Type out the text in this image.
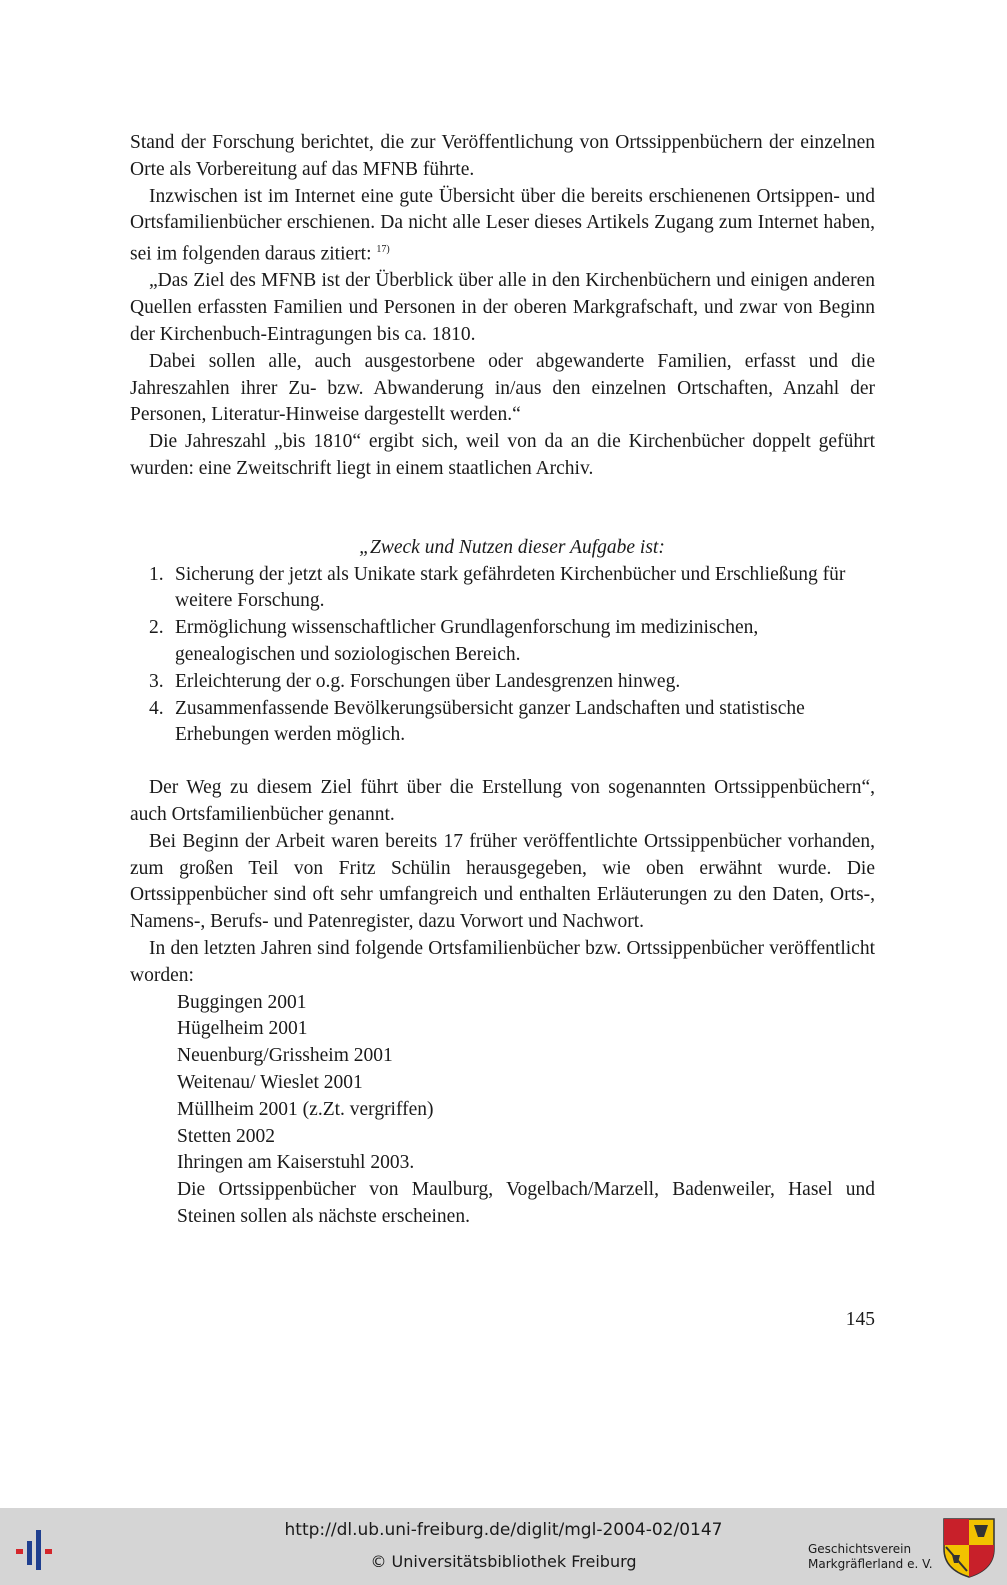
Stand der Forschung berichtet, die zur Veröffentlichung von Ortssippenbüchern der einzelnen Orte als Vorbereitung auf das MFNB führte.

Inzwischen ist im Internet eine gute Übersicht über die bereits erschienenen Ortsippen- und Ortsfamilienbücher erschienen. Da nicht alle Leser dieses Artikels Zugang zum Internet haben, sei im folgenden daraus zitiert: $^{17)}$

„Das Ziel des MFNB ist der Überblick über alle in den Kirchenbüchern und einigen anderen Quellen erfassten Familien und Personen in der oberen Markgrafschaft, und zwar von Beginn der Kirchenbuch-Eintragungen bis ca. 1810.

Dabei sollen alle, auch ausgestorbene oder abgewanderte Familien, erfasst und die Jahreszahlen ihrer Zu- bzw. Abwanderung in/aus den einzelnen Ortschaften, Anzahl der Personen, Literatur-Hinweise dargestellt werden.“

Die Jahreszahl „bis 1810“ ergibt sich, weil von da an die Kirchenbücher doppelt geführt wurden: eine Zweitschrift liegt in einem staatlichen Archiv.

„Zweck und Nutzen dieser Aufgabe ist:

1. Sicherung der jetzt als Unikate stark gefährdeten Kirchenbücher und Erschließung für weitere Forschung.
2. Ermöglichung wissenschaftlicher Grundlagenforschung im medizinischen, genealogischen und soziologischen Bereich.
3. Erleichterung der o.g. Forschungen über Landesgrenzen hinweg.
4. Zusammenfassende Bevölkerungsübersicht ganzer Landschaften und statistische Erhebungen werden möglich.

Der Weg zu diesem Ziel führt über die Erstellung von sogenannten Ortssippenbüchern“, auch Ortsfamilienbücher genannt.

Bei Beginn der Arbeit waren bereits 17 früher veröffentlichte Ortssippenbücher vorhanden, zum großen Teil von Fritz Schülin herausgegeben, wie oben erwähnt wurde. Die Ortssippenbücher sind oft sehr umfangreich und enthalten Erläuterungen zu den Daten, Orts-, Namens-, Berufs- und Patenregister, dazu Vorwort und Nachwort.

In den letzten Jahren sind folgende Ortsfamilienbücher bzw. Ortssippenbücher veröffentlicht worden:

Buggingen 2001
Hügelheim 2001
Neuenburg/Grissheim 2001
Weitenau/ Wieslet 2001
Müllheim 2001 (z.Zt. vergriffen)
Stetten 2002
Ihringen am Kaiserstuhl 2003.
Die Ortssippenbücher von Maulburg, Vogelbach/Marzell, Badenweiler, Hasel und Steinen sollen als nächste erscheinen.
145
http://dl.ub.uni-freiburg.de/diglit/mgl-2004-02/0147
© Universitätsbibliothek Freiburg
Geschichtsverein
Markgräflerland e. V.
